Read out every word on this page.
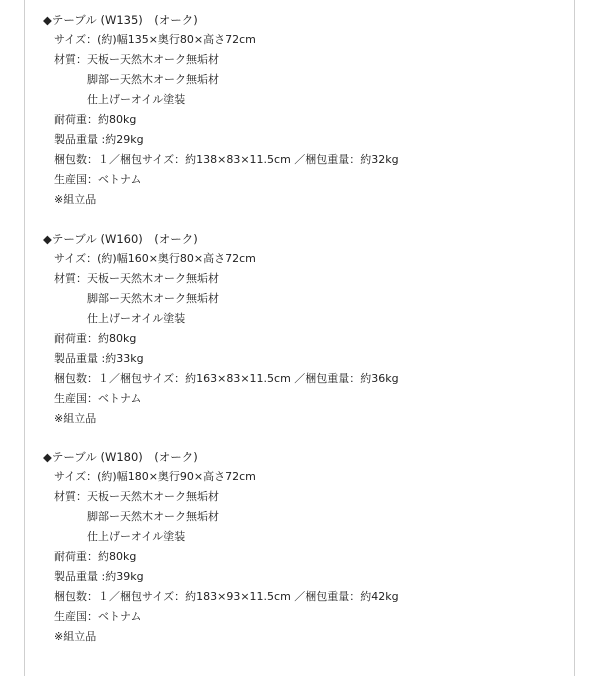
◆テーブル (W135)　(オーク)
サイズ：(約)幅135×奥行80×高さ72cm
材質：天板ー天然木オーク無垢材
脚部ー天然木オーク無垢材
仕上げーオイル塗装
耐荷重：約80kg
製品重量 :約29kg
梱包数：１／梱包サイズ：約138×83×11.5cm ／梱包重量：約32kg
生産国：ベトナム
※組立品
◆テーブル (W160)　(オーク)
サイズ：(約)幅160×奥行80×高さ72cm
材質：天板ー天然木オーク無垢材
脚部ー天然木オーク無垢材
仕上げーオイル塗装
耐荷重：約80kg
製品重量 :約33kg
梱包数：１／梱包サイズ：約163×83×11.5cm ／梱包重量：約36kg
生産国：ベトナム
※組立品
◆テーブル (W180)　(オーク)
サイズ：(約)幅180×奥行90×高さ72cm
材質：天板ー天然木オーク無垢材
脚部ー天然木オーク無垢材
仕上げーオイル塗装
耐荷重：約80kg
製品重量 :約39kg
梱包数：１／梱包サイズ：約183×93×11.5cm ／梱包重量：約42kg
生産国：ベトナム
※組立品
